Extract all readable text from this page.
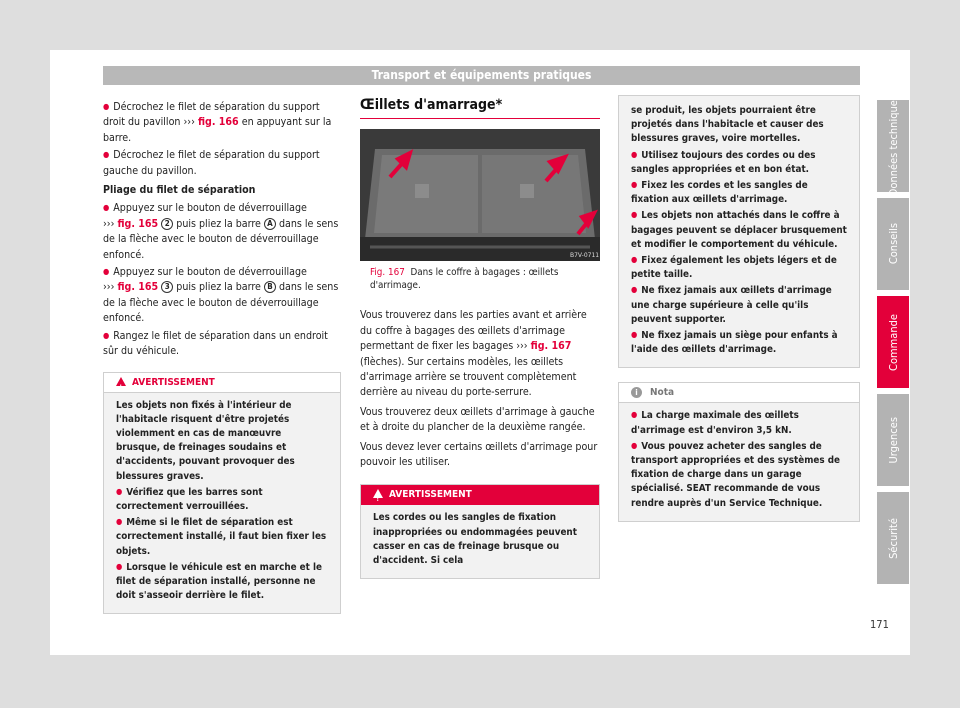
Transport et équipements pratiques

● Décrochez le filet de séparation du support droit du pavillon ››› fig. 166 en appuyant sur la barre.

● Décrochez le filet de séparation du support gauche du pavillon.

Pliage du filet de séparation

● Appuyez sur le bouton de déverrouillage
››› fig. 165 2 puis pliez la barre A dans le sens de la flèche avec le bouton de déverrouillage enfoncé.

● Appuyez sur le bouton de déverrouillage
››› fig. 165 3 puis pliez la barre B dans le sens de la flèche avec le bouton de déverrouillage enfoncé.

● Rangez le filet de séparation dans un endroit sûr du véhicule.

!AVERTISSEMENT

Les objets non fixés à l'intérieur de l'habitacle risquent d'être projetés violemment en cas de manœuvre brusque, de freinages soudains et d'accidents, pouvant provoquer des blessures graves.

● Vérifiez que les barres sont correctement verrouillées.

● Même si le filet de séparation est correctement installé, il faut bien fixer les objets.

● Lorsque le véhicule est en marche et le filet de séparation installé, personne ne doit s'asseoir derrière le filet.

Œillets d'amarrage*
B7V-0711
Fig. 167 Dans le coffre à bagages : œillets d'arrimage.

Vous trouverez dans les parties avant et arrière du coffre à bagages des œillets d'arrimage permettant de fixer les bagages ››› fig. 167 (flèches). Sur certains modèles, les œillets d'arrimage arrière se trouvent complètement derrière au niveau du porte-serrure.

Vous trouverez deux œillets d'arrimage à gauche et à droite du plancher de la deuxième rangée.

Vous devez lever certains œillets d'arrimage pour pouvoir les utiliser.

!AVERTISSEMENT

Les cordes ou les sangles de fixation inappropriées ou endommagées peuvent casser en cas de freinage brusque ou d'accident. Si cela

se produit, les objets pourraient être projetés dans l'habitacle et causer des blessures graves, voire mortelles.

● Utilisez toujours des cordes ou des sangles appropriées et en bon état.

● Fixez les cordes et les sangles de fixation aux œillets d'arrimage.

● Les objets non attachés dans le coffre à bagages peuvent se déplacer brusquement et modifier le comportement du véhicule.

● Fixez également les objets légers et de petite taille.

● Ne fixez jamais aux œillets d'arrimage une charge supérieure à celle qu'ils peuvent supporter.

● Ne fixez jamais un siège pour enfants à l'aide des œillets d'arrimage.

i Nota

● La charge maximale des œillets d'arrimage est d'environ 3,5 kN.

● Vous pouvez acheter des sangles de transport appropriées et des systèmes de fixation de charge dans un garage spécialisé. SEAT recommande de vous rendre auprès d'un Service Technique.

Données techniques
Conseils
Commande
Urgences
Sécurité
171
